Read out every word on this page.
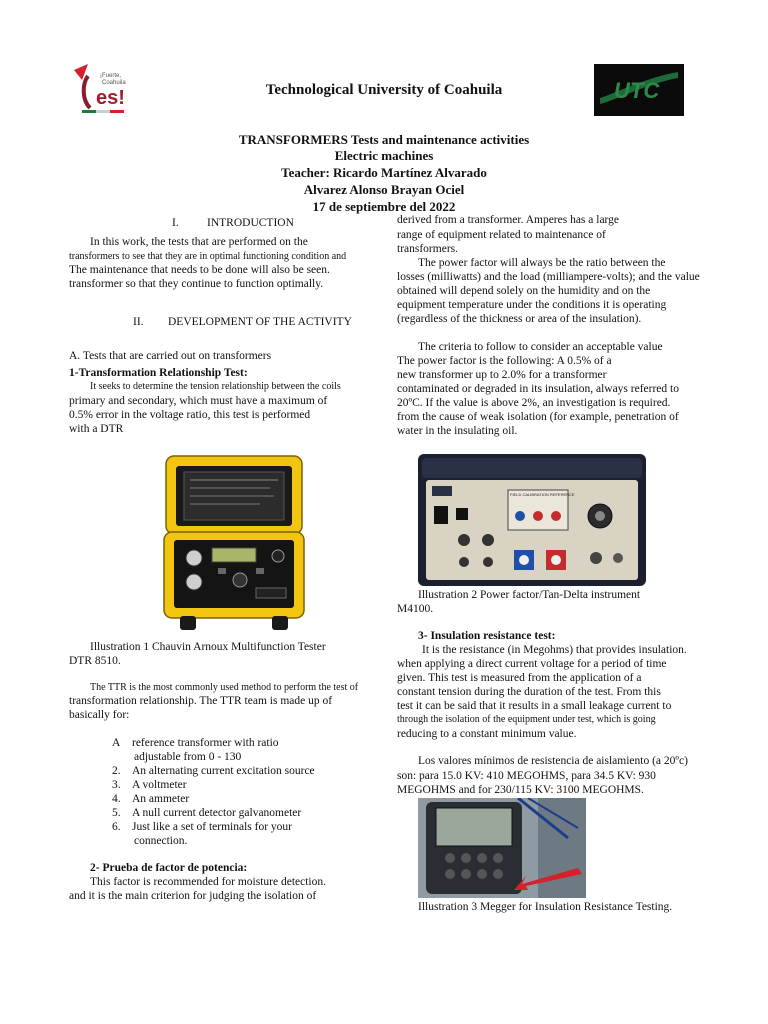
¡Fuerte,
Coahuila
es!	Technological University of Coahuila	UTC
TRANSFORMERS Tests and maintenance activities
Electric machines
Teacher: Ricardo Martínez Alvarado
Alvarez Alonso Brayan Ociel
17 de septiembre del 2022
I. INTRODUCTION
In this work, the tests that are performed on the
transformers to see that they are in optimal functioning condition and
The maintenance that needs to be done will also be seen.
transformer so that they continue to function optimally.
II. DEVELOPMENT OF THE ACTIVITY
A. Tests that are carried out on transformers
1-Transformation Relationship Test:
It seeks to determine the tension relationship between the coils
primary and secondary, which must have a maximum of
0.5% error in the voltage ratio, this test is performed
with a DTR
Illustration 1 Chauvin Arnoux Multifunction Tester
DTR 8510.
The TTR is the most commonly used method to perform the test of
transformation relationship. The TTR team is made up of
basically for:
A reference transformer with ratio
adjustable from 0 - 130
2. An alternating current excitation source
3. A voltmeter
4. An ammeter
5. A null current detector galvanometer
6. Just like a set of terminals for your
connection.
2- Prueba de factor de potencia:
This factor is recommended for moisture detection.
and it is the main criterion for judging the isolation of
derived from a transformer. Amperes has a large
range of equipment related to maintenance of
transformers.
The power factor will always be the ratio between the
losses (milliwatts) and the load (milliampere-volts); and the value
obtained will depend solely on the humidity and on the
equipment temperature under the conditions it is operating
(regardless of the thickness or area of the insulation).
The criteria to follow to consider an acceptable value
The power factor is the following: A 0.5% of a
new transformer up to 2.0% for a transformer
contaminated or degraded in its insulation, always referred to
20ºC. If the value is above 2%, an investigation is required.
from the cause of weak isolation (for example, penetration of
water in the insulating oil.
FIELD CALIBRATION REFERENCE
Illustration 2 Power factor/Tan-Delta instrument
M4100.
3- Insulation resistance test:
It is the resistance (in Megohms) that provides insulation.
when applying a direct current voltage for a period of time
given. This test is measured from the application of a
constant tension during the duration of the test. From this
test it can be said that it results in a small leakage current to
through the isolation of the equipment under test, which is going
reducing to a constant minimum value.
Los valores mínimos de resistencia de aislamiento (a 20ºc)
son: para 15.0 KV: 410 MEGOHMS, para 34.5 KV: 930
MEGOHMS and for 230/115 KV: 3100 MEGOHMS.
Illustration 3 Megger for Insulation Resistance Testing.
